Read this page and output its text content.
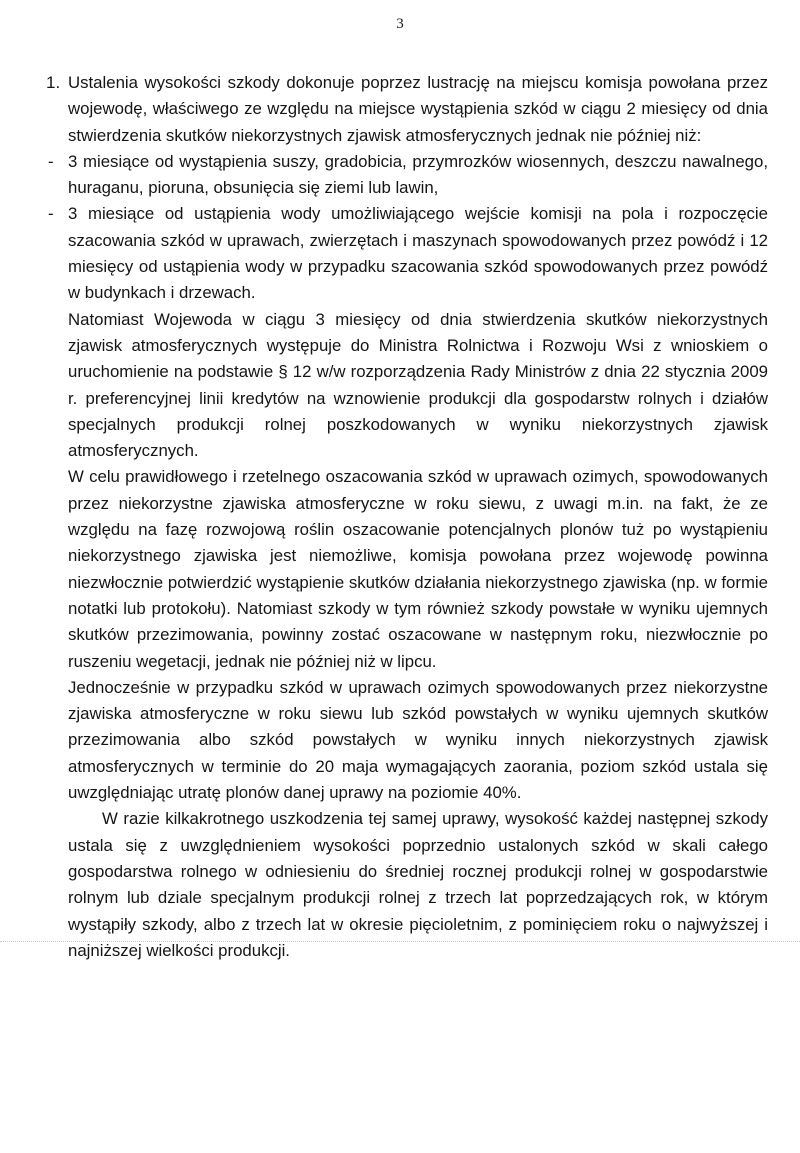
3

1. Ustalenia wysokości szkody dokonuje poprzez lustrację na miejscu komisja powołana przez wojewodę, właściwego ze względu na miejsce wystąpienia szkód w ciągu 2 miesięcy od dnia stwierdzenia skutków niekorzystnych zjawisk atmosferycznych jednak nie później niż:

- 3 miesiące od wystąpienia suszy, gradobicia, przymrozków wiosennych, deszczu nawalnego, huraganu, pioruna, obsunięcia się ziemi lub lawin,
- 3 miesiące od ustąpienia wody umożliwiającego wejście komisji na pola i rozpoczęcie szacowania szkód w uprawach, zwierzętach i maszynach spowodowanych przez powódź i 12 miesięcy od ustąpienia wody w przypadku szacowania szkód spowodowanych przez powódź w budynkach i drzewach.

Natomiast Wojewoda w ciągu 3 miesięcy od dnia stwierdzenia skutków niekorzystnych zjawisk atmosferycznych występuje do Ministra Rolnictwa i Rozwoju Wsi z wnioskiem o uruchomienie na podstawie § 12 w/w rozporządzenia Rady Ministrów z dnia 22 stycznia 2009 r. preferencyjnej linii kredytów na wznowienie produkcji dla gospodarstw rolnych i działów specjalnych produkcji rolnej poszkodowanych w wyniku niekorzystnych zjawisk atmosferycznych.

W celu prawidłowego i rzetelnego oszacowania szkód w uprawach ozimych, spowodowanych przez niekorzystne zjawiska atmosferyczne w roku siewu, z uwagi m.in. na fakt, że ze względu na fazę rozwojową roślin oszacowanie potencjalnych plonów tuż po wystąpieniu niekorzystnego zjawiska jest niemożliwe, komisja powołana przez wojewodę powinna niezwłocznie potwierdzić wystąpienie skutków działania niekorzystnego zjawiska (np. w formie notatki lub protokołu). Natomiast szkody w tym również szkody powstałe w wyniku ujemnych skutków przezimowania, powinny zostać oszacowane w następnym roku, niezwłocznie po ruszeniu wegetacji, jednak nie później niż w lipcu.

Jednocześnie w przypadku szkód w uprawach ozimych spowodowanych przez niekorzystne zjawiska atmosferyczne w roku siewu lub szkód powstałych w wyniku ujemnych skutków przezimowania albo szkód powstałych w wyniku innych niekorzystnych zjawisk atmosferycznych w terminie do 20 maja wymagających zaorania, poziom szkód ustala się uwzględniając utratę plonów danej uprawy na poziomie 40%.

W razie kilkakrotnego uszkodzenia tej samej uprawy, wysokość każdej następnej szkody ustala się z uwzględnieniem wysokości poprzednio ustalonych szkód w skali całego gospodarstwa rolnego w odniesieniu do średniej rocznej produkcji rolnej w gospodarstwie rolnym lub dziale specjalnym produkcji rolnej z trzech lat poprzedzających rok, w którym wystąpiły szkody, albo z trzech lat w okresie pięcioletnim, z pominięciem roku o najwyższej i najniższej wielkości produkcji.
